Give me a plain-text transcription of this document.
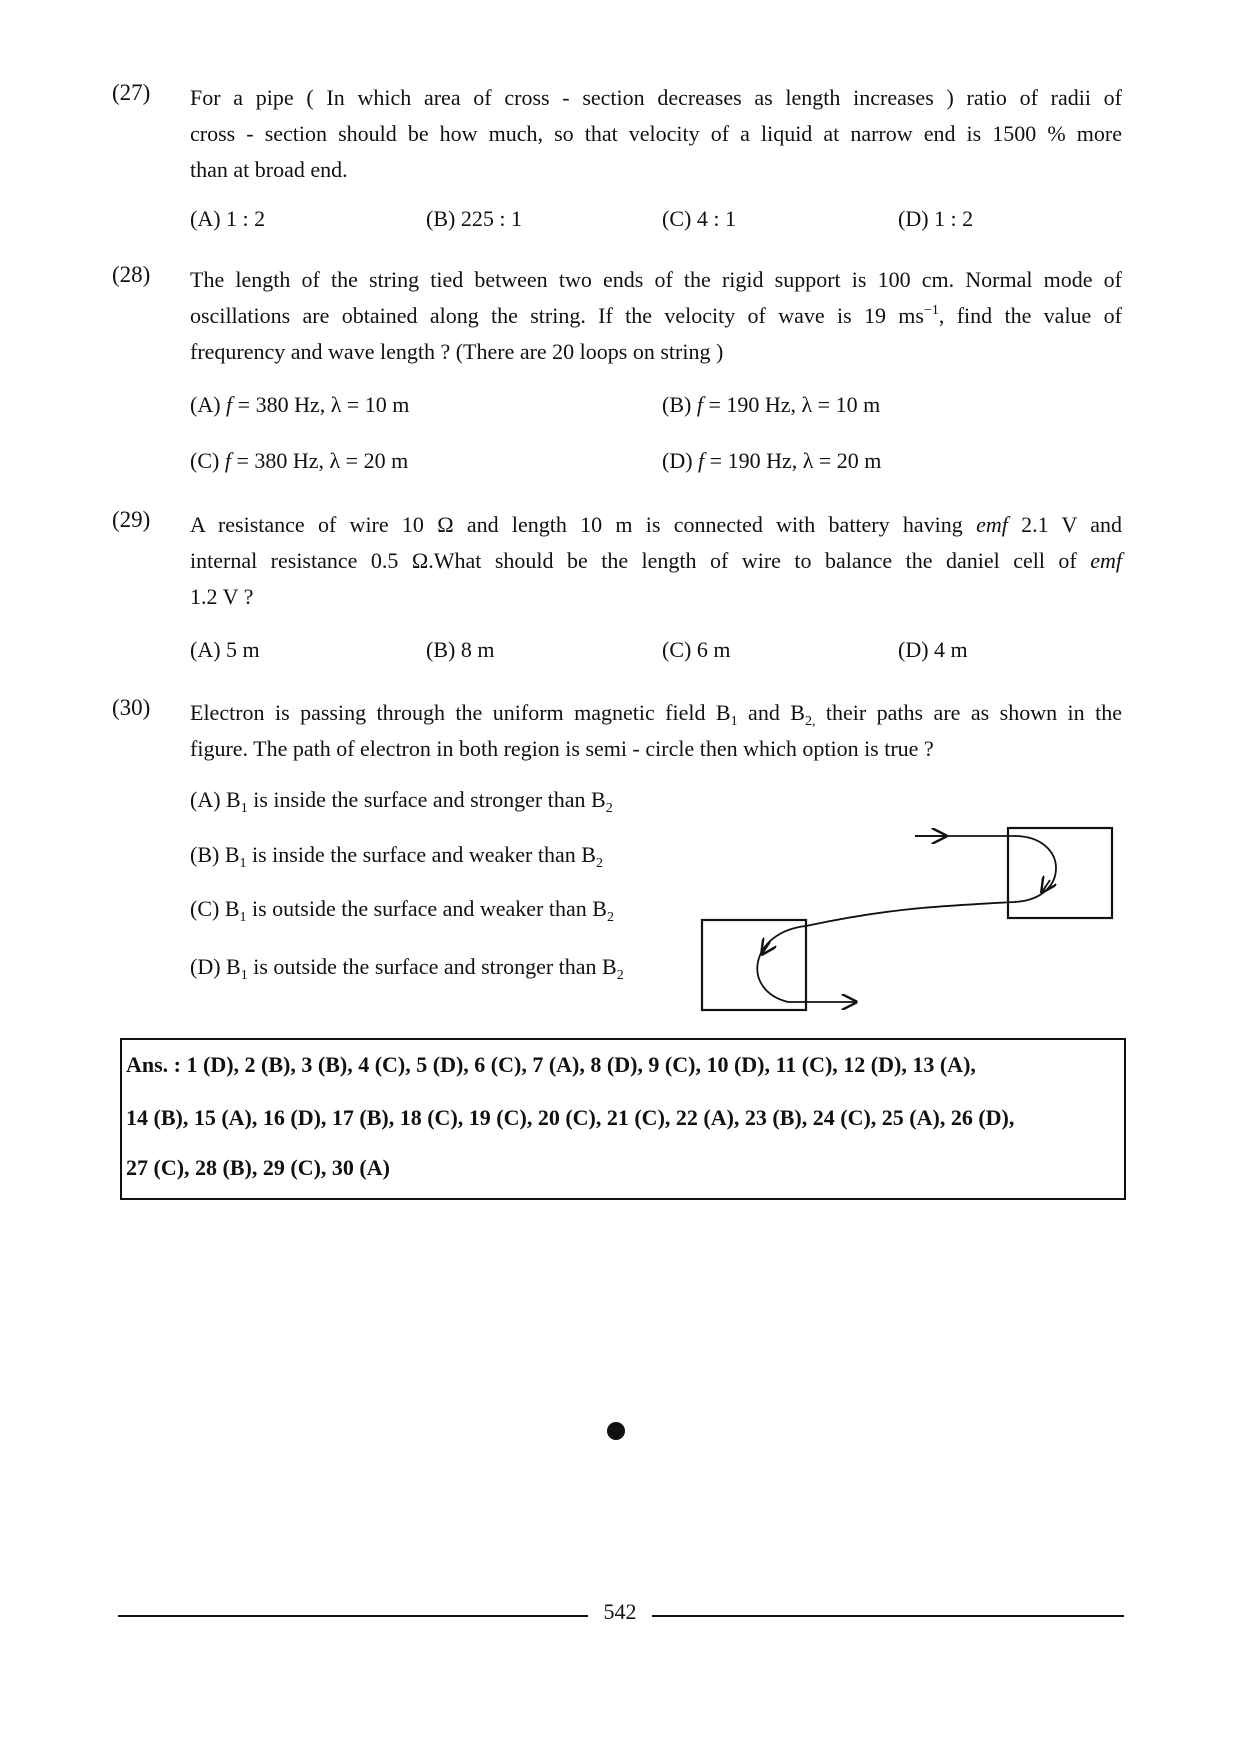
(27) For a pipe ( In which area of cross - section decreases as length increases ) ratio of radii of
cross - section should be how much, so that velocity of a liquid at narrow end is 1500 % more
than at broad end.
(A) 1 : 2	(B) 225 : 1	(C) 4 : 1	(D) 1 : 2
(28) The length of the string tied between two ends of the rigid support is 100 cm. Normal mode of
oscillations are obtained along the string. If the velocity of wave is 19 $ms^{-1}$, find the value of
frequrency and wave length ? (There are 20 loops on string )
(A) f = 380 Hz, λ = 10 m	(B) f = 190 Hz, λ = 10 m
(C) f = 380 Hz, λ = 20 m	(D) f = 190 Hz, λ = 20 m
(29) A resistance of wire 10 Ω and length 10 m is connected with battery having emf 2.1 V and
internal resistance 0.5 Ω.What should be the length of wire to balance the daniel cell of emf
1.2 V ?
(A) 5 m	(B) 8 m	(C) 6 m	(D) 4 m
(30) Electron is passing through the uniform magnetic field $B_1$ and $B_{2,}$ their paths are as shown in the
figure. The path of electron in both region is semi - circle then which option is true ?
(A) $B_1$ is inside the surface and stronger than $B_2$
(B) $B_1$ is inside the surface and weaker than $B_2$
(C) $B_1$ is outside the surface and weaker than $B_2$
(D) $B_1$ is outside the surface and stronger than $B_2$
Ans. : 1 (D), 2 (B), 3 (B), 4 (C), 5 (D), 6 (C), 7 (A), 8 (D), 9 (C), 10 (D), 11 (C), 12 (D), 13 (A),
14 (B), 15 (A), 16 (D), 17 (B), 18 (C), 19 (C), 20 (C), 21 (C), 22 (A), 23 (B), 24 (C), 25 (A), 26 (D),
27 (C), 28 (B), 29 (C), 30 (A)
542
